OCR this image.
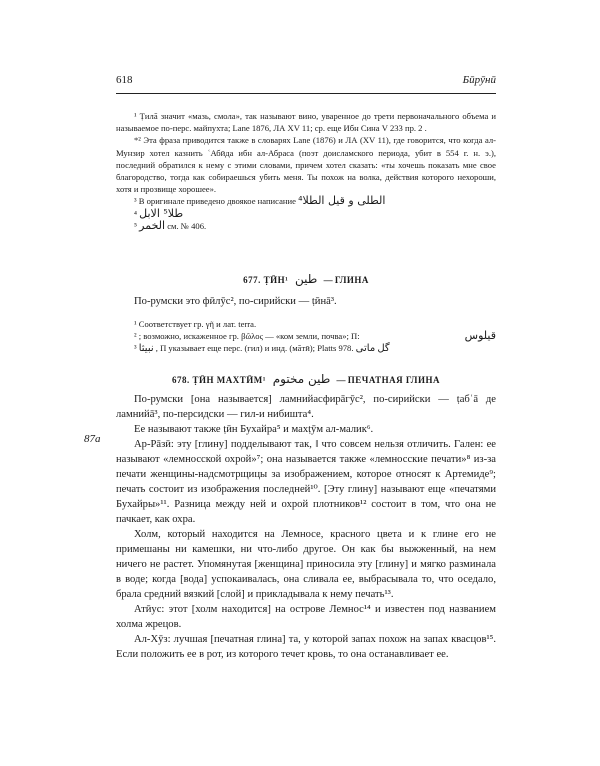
618	Бӣрӯнӣ

¹ Ṭилā значит «мазь, смола», так называют вино, уваренное до трети первоначального объема и называемое по-перс. майпухта; Lane 1876, ЛА XV 11; ср. еще Ибн Сина V 233 пр. 2 .

*² Эта фраза приводится также в словарях Lane (1876) и ЛА (XV 11), где говорится, что когда ал-Мунзир хотел казнить ʿАбӣда ибн ал-Абраса (поэт доисламского периода, убит в 554 г. н. э.), последний обратился к нему с этими словами, причем хотел сказать: «ты хочешь показать мне свое благородство, тогда как собираешься убить меня. Ты похож на волка, действия которого нехороши, хотя и прозвище хорошее».

³ В оригинале приведено двоякое написание الطلى و قيل الطلا⁴

⁴ طلا⁵ الابل

الخمر ⁵ см. № 406.

677. ṬӢН¹ طين — ГЛИНА

По-румски это фӣлӯс², по-сирийски — ṭӣнā³.

¹ Соответствует гр. γῆ и лат. terra.

² ; возможно, искаженное гр. βῶλος — «ком земли, почва»; П:	قيلوس

نبيثا ³ , П указывает еще перс. (гил) и инд. (мāтӣ); Platts 978. گل ماتى

678. ṬӢН МАХТӢМ¹ طين مختوم — ПЕЧАТНАЯ ГЛИНА
87a

По-румски [она называется] ламнийасфирāгӯс², по-сирийски — ṭабʿā де ламнийā³, по-персидски — гил-и нибишта⁴.

Ее называют также ṭӣн Бухайра⁵ и махṭӯм ал-малик⁶.

Ар-Рāзӣ: эту [глину] подделывают так, ‖ что совсем нельзя отличить. Гален: ее называют «лемносской охрой»⁷; она называется также «лемносские печати»⁸ из-за печати женщины-надсмотрщицы за изображением, которое относят к Артемиде⁹; печать состоит из изображения последней¹⁰. [Эту глину] называют еще «печатями Бухайры»¹¹. Разница между ней и охрой плотников¹² состоит в том, что она не пачкает, как охра.

Холм, который находится на Лемносе, красного цвета и к глине его не примешаны ни камешки, ни что-либо другое. Он как бы выжженный, на нем ничего не растет. Упомянутая [женщина] приносила эту [глину] и мягко разминала в воде; когда [вода] успокаивалась, она сливала ее, выбрасывала то, что оседало, брала средний вязкий [слой] и прикладывала к нему печать¹³.

Атӣус: этот [холм находится] на острове Лемнос¹⁴ и известен под названием холма жрецов.

Ал-Хӯз: лучшая [печатная глина] та, у которой запах похож на запах квасцов¹⁵. Если положить ее в рот, из которого течет кровь, то она останавливает ее.
